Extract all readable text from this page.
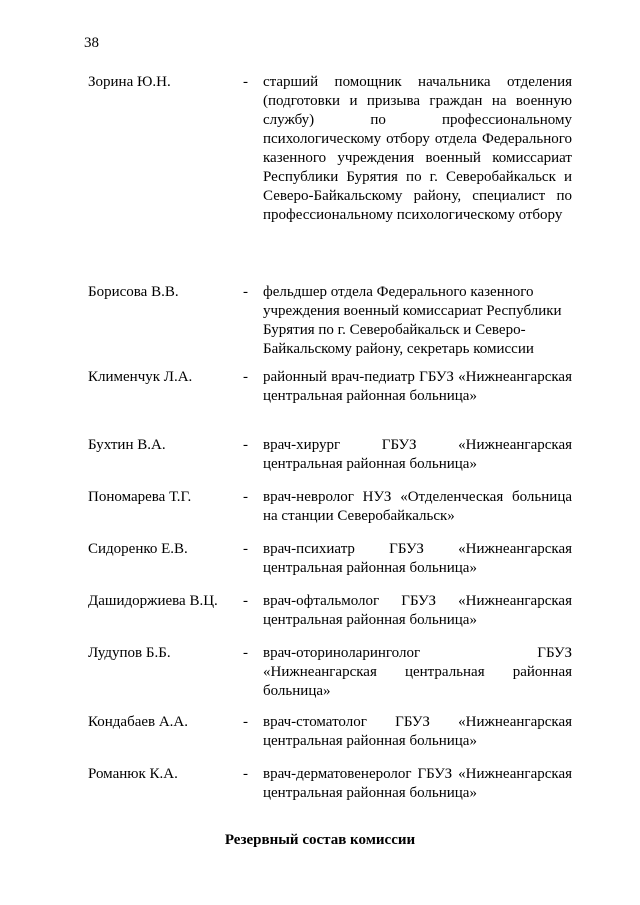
38
Зорина Ю.Н.	- старший помощник начальника отделения (подготовки и призыва граждан на военную службу) по профессиональному психологическому отбору отдела Федерального казенного учреждения военный комиссариат Республики Бурятия по г. Северобайкальск и Северо-Байкальскому району, специалист по профессиональному психологическому отбору
Борисова В.В.	- фельдшер отдела Федерального казенного учреждения военный комиссариат Республики Бурятия по г. Северобайкальск и Северо-Байкальскому району, секретарь комиссии
Клименчук Л.А.	- районный врач-педиатр ГБУЗ «Нижнеангарская центральная районная больница»
Бухтин В.А.	- врач-хирург ГБУЗ «Нижнеангарская центральная районная больница»
Пономарева Т.Г.	- врач-невролог НУЗ «Отделенческая больница на станции Северобайкальск»
Сидоренко Е.В.	- врач-психиатр ГБУЗ «Нижнеангарская центральная районная больница»
Дашидоржиева В.Ц. - врач-офтальмолог ГБУЗ «Нижнеангарская центральная районная больница»
Лудупов Б.Б.	- врач-оториноларинголог ГБУЗ «Нижнеангарская центральная районная больница»
Кондабаев А.А.	- врач-стоматолог ГБУЗ «Нижнеангарская центральная районная больница»
Романюк К.А.	- врач-дерматовенеролог ГБУЗ «Нижнеангарская центральная районная больница»
Резервный состав комиссии
